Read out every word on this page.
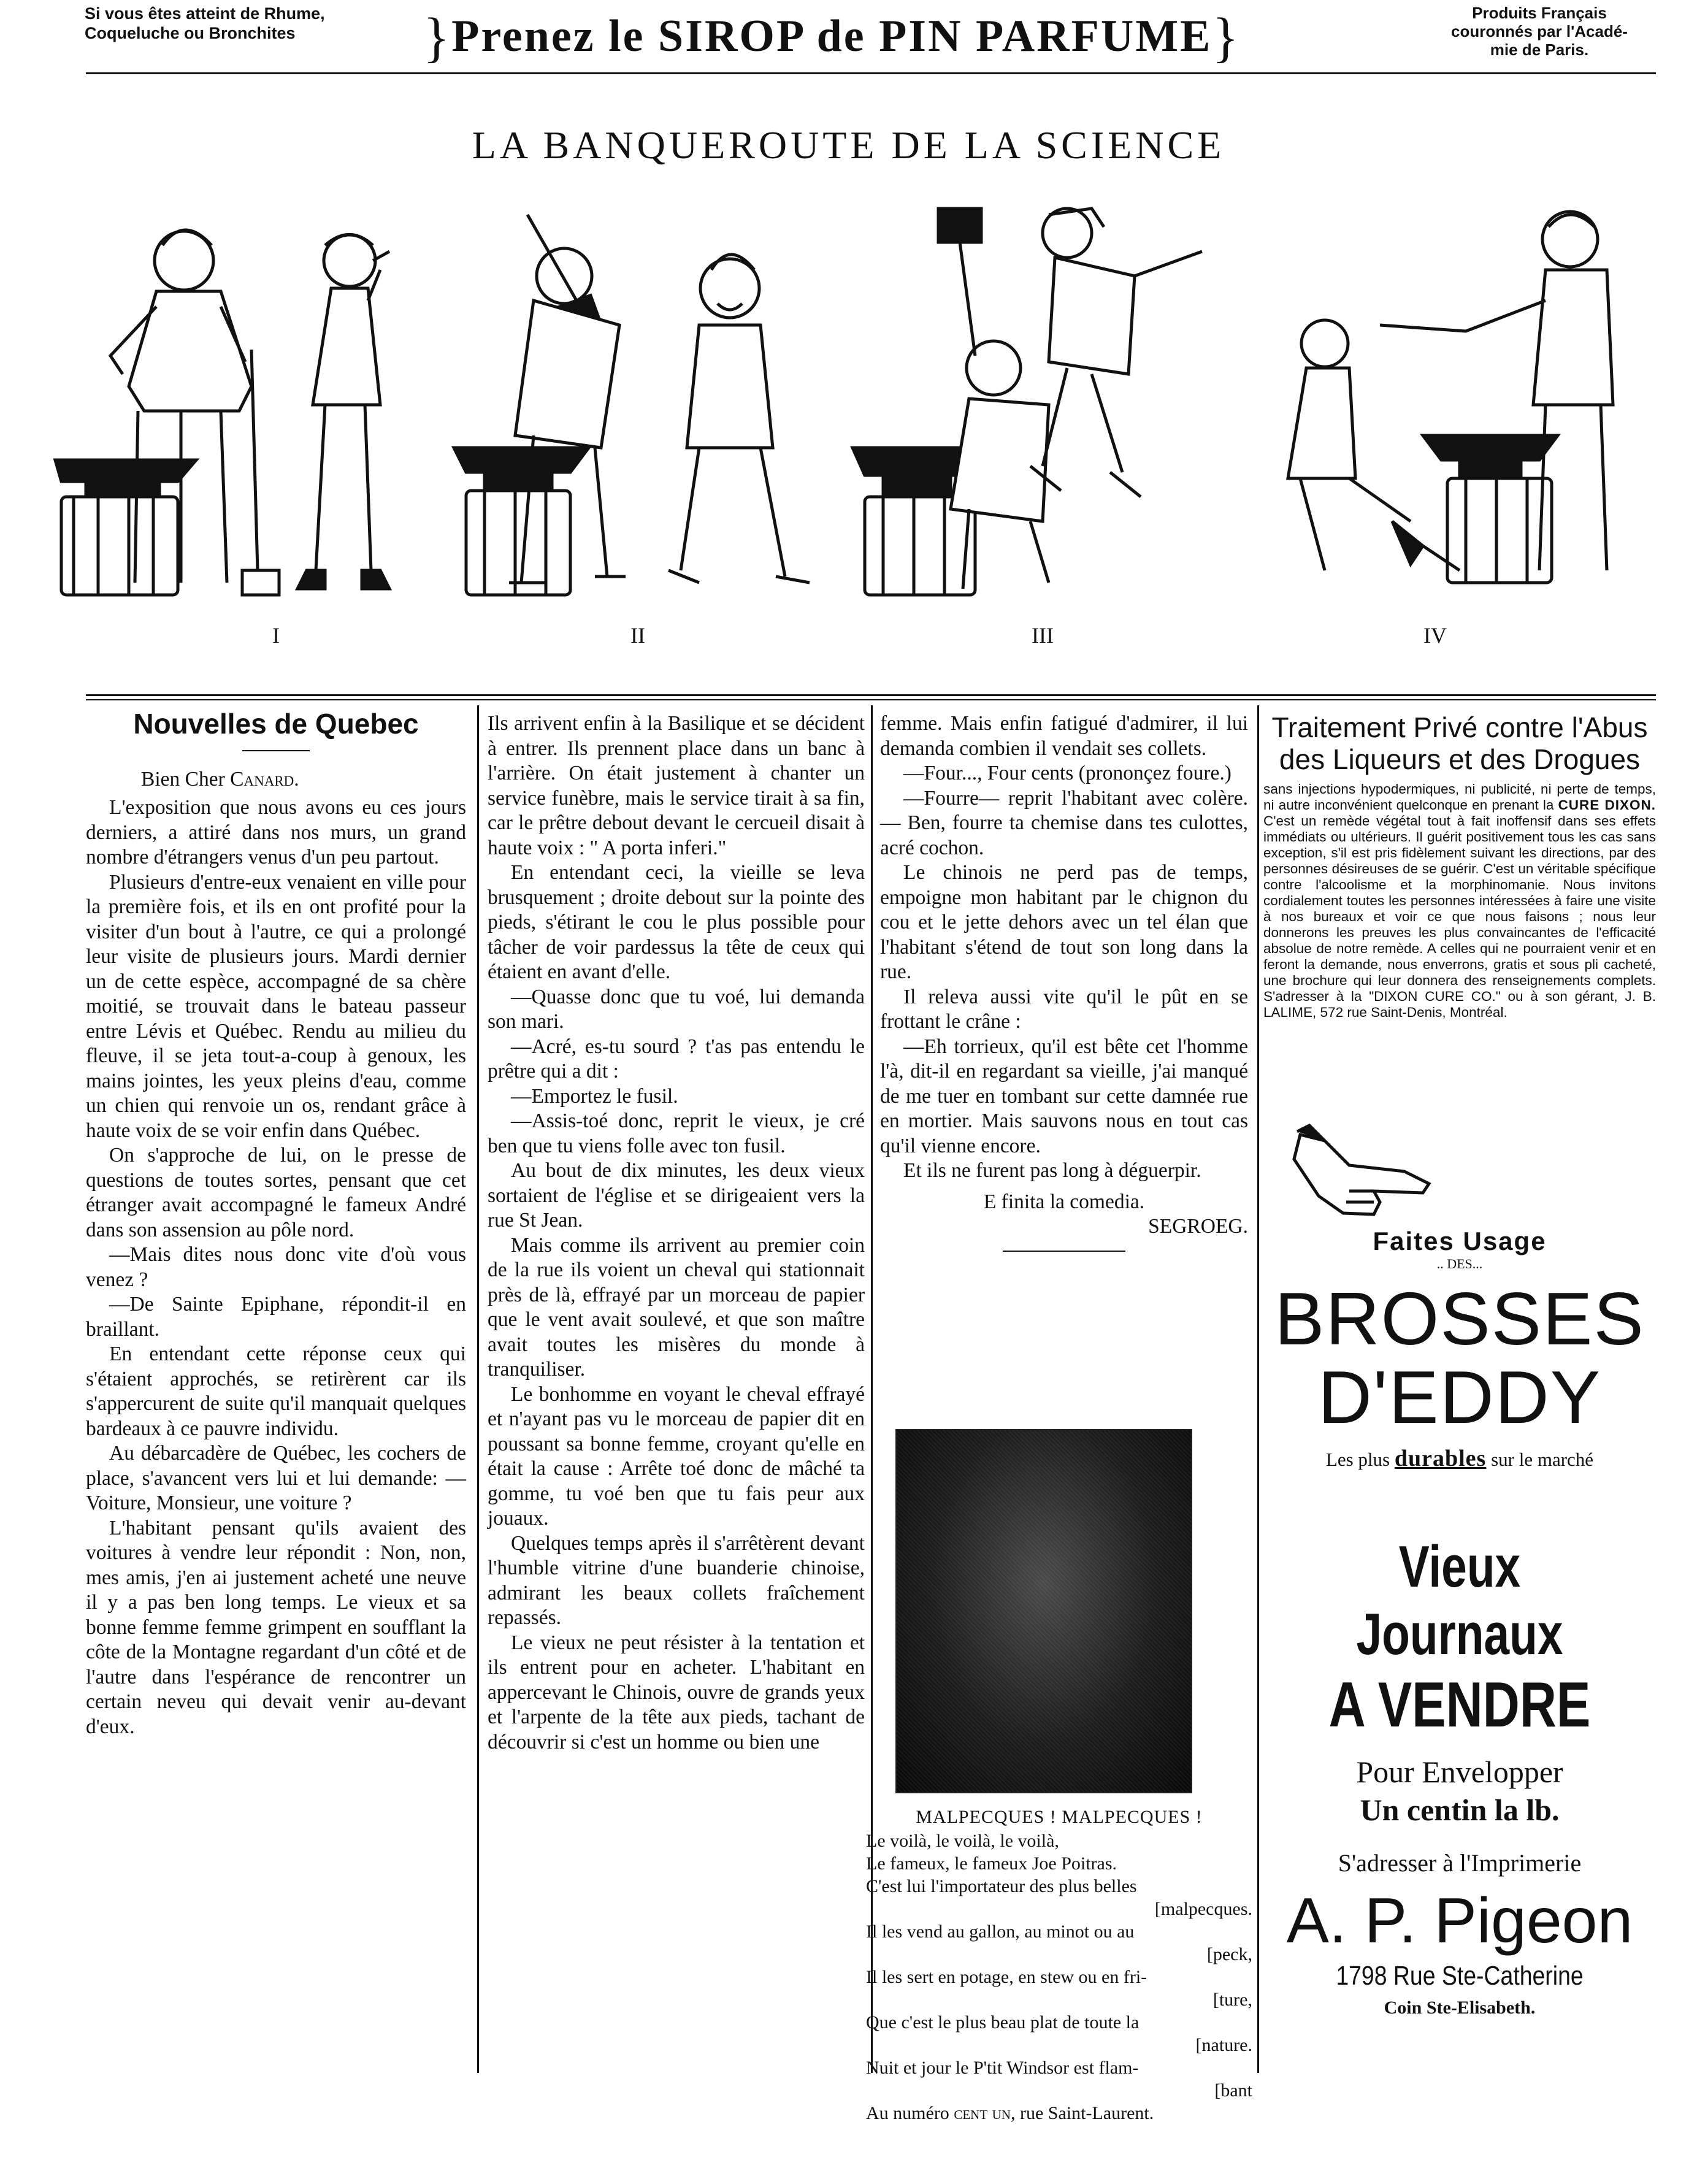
Si vous êtes atteint de Rhume,
Coqueluche ou Bronchites	}Prenez le SIROP de PIN PARFUME}	Produits Français
couronnés par l'Acadé-
mie de Paris.
LA BANQUEROUTE DE LA SCIENCE
I	II	III	IV
Nouvelles de Quebec

Bien Cher Canard.

L'exposition que nous avons eu ces jours derniers, a attiré dans nos murs, un grand nombre d'étrangers venus d'un peu partout.

Plusieurs d'entre-eux venaient en ville pour la première fois, et ils en ont profité pour la visiter d'un bout à l'autre, ce qui a prolongé leur visite de plusieurs jours. Mardi dernier un de cette espèce, accompagné de sa chère moitié, se trouvait dans le bateau passeur entre Lévis et Québec. Rendu au milieu du fleuve, il se jeta tout-a-coup à genoux, les mains jointes, les yeux pleins d'eau, comme un chien qui renvoie un os, rendant grâce à haute voix de se voir enfin dans Québec.

On s'approche de lui, on le presse de questions de toutes sortes, pensant que cet étranger avait accompagné le fameux André dans son assension au pôle nord.

—Mais dites nous donc vite d'où vous venez ?

—De Sainte Epiphane, répondit-il en braillant.

En entendant cette réponse ceux qui s'étaient approchés, se retirèrent car ils s'appercurent de suite qu'il manquait quelques bardeaux à ce pauvre individu.

Au débarcadère de Québec, les cochers de place, s'avancent vers lui et lui demande: — Voiture, Monsieur, une voiture ?

L'habitant pensant qu'ils avaient des voitures à vendre leur répondit : Non, non, mes amis, j'en ai justement acheté une neuve il y a pas ben long temps. Le vieux et sa bonne femme femme grimpent en soufflant la côte de la Montagne regardant d'un côté et de l'autre dans l'espérance de rencontrer un certain neveu qui devait venir au-devant d'eux.

Ils arrivent enfin à la Basilique et se décident à entrer. Ils prennent place dans un banc à l'arrière. On était justement à chanter un service funèbre, mais le service tirait à sa fin, car le prêtre debout devant le cercueil disait à haute voix : " A porta inferi."

En entendant ceci, la vieille se leva brusquement ; droite debout sur la pointe des pieds, s'étirant le cou le plus possible pour tâcher de voir pardessus la tête de ceux qui étaient en avant d'elle.

—Quasse donc que tu voé, lui demanda son mari.

—Acré, es-tu sourd ? t'as pas entendu le prêtre qui a dit :

—Emportez le fusil.

—Assis-toé donc, reprit le vieux, je cré ben que tu viens folle avec ton fusil.

Au bout de dix minutes, les deux vieux sortaient de l'église et se dirigeaient vers la rue St Jean.

Mais comme ils arrivent au premier coin de la rue ils voient un cheval qui stationnait près de là, effrayé par un morceau de papier que le vent avait soulevé, et que son maître avait toutes les misères du monde à tranquiliser.

Le bonhomme en voyant le cheval effrayé et n'ayant pas vu le morceau de papier dit en poussant sa bonne femme, croyant qu'elle en était la cause : Arrête toé donc de mâché ta gomme, tu voé ben que tu fais peur aux jouaux.

Quelques temps après il s'arrêtèrent devant l'humble vitrine d'une buanderie chinoise, admirant les beaux collets fraîchement repassés.

Le vieux ne peut résister à la tentation et ils entrent pour en acheter. L'habitant en appercevant le Chinois, ouvre de grands yeux et l'arpente de la tête aux pieds, tachant de découvrir si c'est un homme ou bien une

femme. Mais enfin fatigué d'admirer, il lui demanda combien il vendait ses collets.

—Four..., Four cents (prononçez foure.)

—Fourre— reprit l'habitant avec colère.— Ben, fourre ta chemise dans tes culottes, acré cochon.

Le chinois ne perd pas de temps, empoigne mon habitant par le chignon du cou et le jette dehors avec un tel élan que l'habitant s'étend de tout son long dans la rue.

Il releva aussi vite qu'il le pût en se frottant le crâne :

—Eh torrieux, qu'il est bête cet l'homme l'à, dit-il en regardant sa vieille, j'ai manqué de me tuer en tombant sur cette damnée rue en mortier. Mais sauvons nous en tout cas qu'il vienne encore.

Et ils ne furent pas long à déguerpir.

E finita la comedia.

SEGROEG.

MALPECQUES ! MALPECQUES !
Le voilà, le voilà, le voilà,
Le fameux, le fameux Joe Poitras.
C'est lui l'importateur des plus belles
[malpecques.
Il les vend au gallon, au minot ou au
[peck,
Il les sert en potage, en stew ou en fri-
[ture,
Que c'est le plus beau plat de toute la
[nature.
Nuit et jour le P'tit Windsor est flam-
[bant
Au numéro cent un, rue Saint-Laurent.
Traitement Privé contre l'Abus
des Liqueurs et des Drogues
sans injections hypodermiques, ni publicité, ni perte de temps, ni autre inconvénient quelconque en prenant la CURE DIXON. C'est un remède végétal tout à fait inoffensif dans ses effets immédiats ou ultérieurs. Il guérit positivement tous les cas sans exception, s'il est pris fidèlement suivant les directions, par des personnes désireuses de se guérir. C'est un véritable spécifique contre l'alcoolisme et la morphinomanie. Nous invitons cordialement toutes les personnes intéressées à faire une visite à nos bureaux et voir ce que nous faisons ; nous leur donnerons les preuves les plus convaincantes de l'efficacité absolue de notre remède. A celles qui ne pourraient venir et en feront la demande, nous enverrons, gratis et sous pli cacheté, une brochure qui leur donnera des renseignements complets. S'adresser à la "DIXON CURE CO." ou à son gérant, J. B. LALIME, 572 rue Saint-Denis, Montréal.
Faites Usage
.. DES...
BROSSES
D'EDDY
Les plus durables sur le marché
Vieux Journaux
A VENDRE
Pour Envelopper
Un centin la lb.
S'adresser à l'Imprimerie
A. P. Pigeon
1798 Rue Ste-Catherine
Coin Ste-Elisabeth.
